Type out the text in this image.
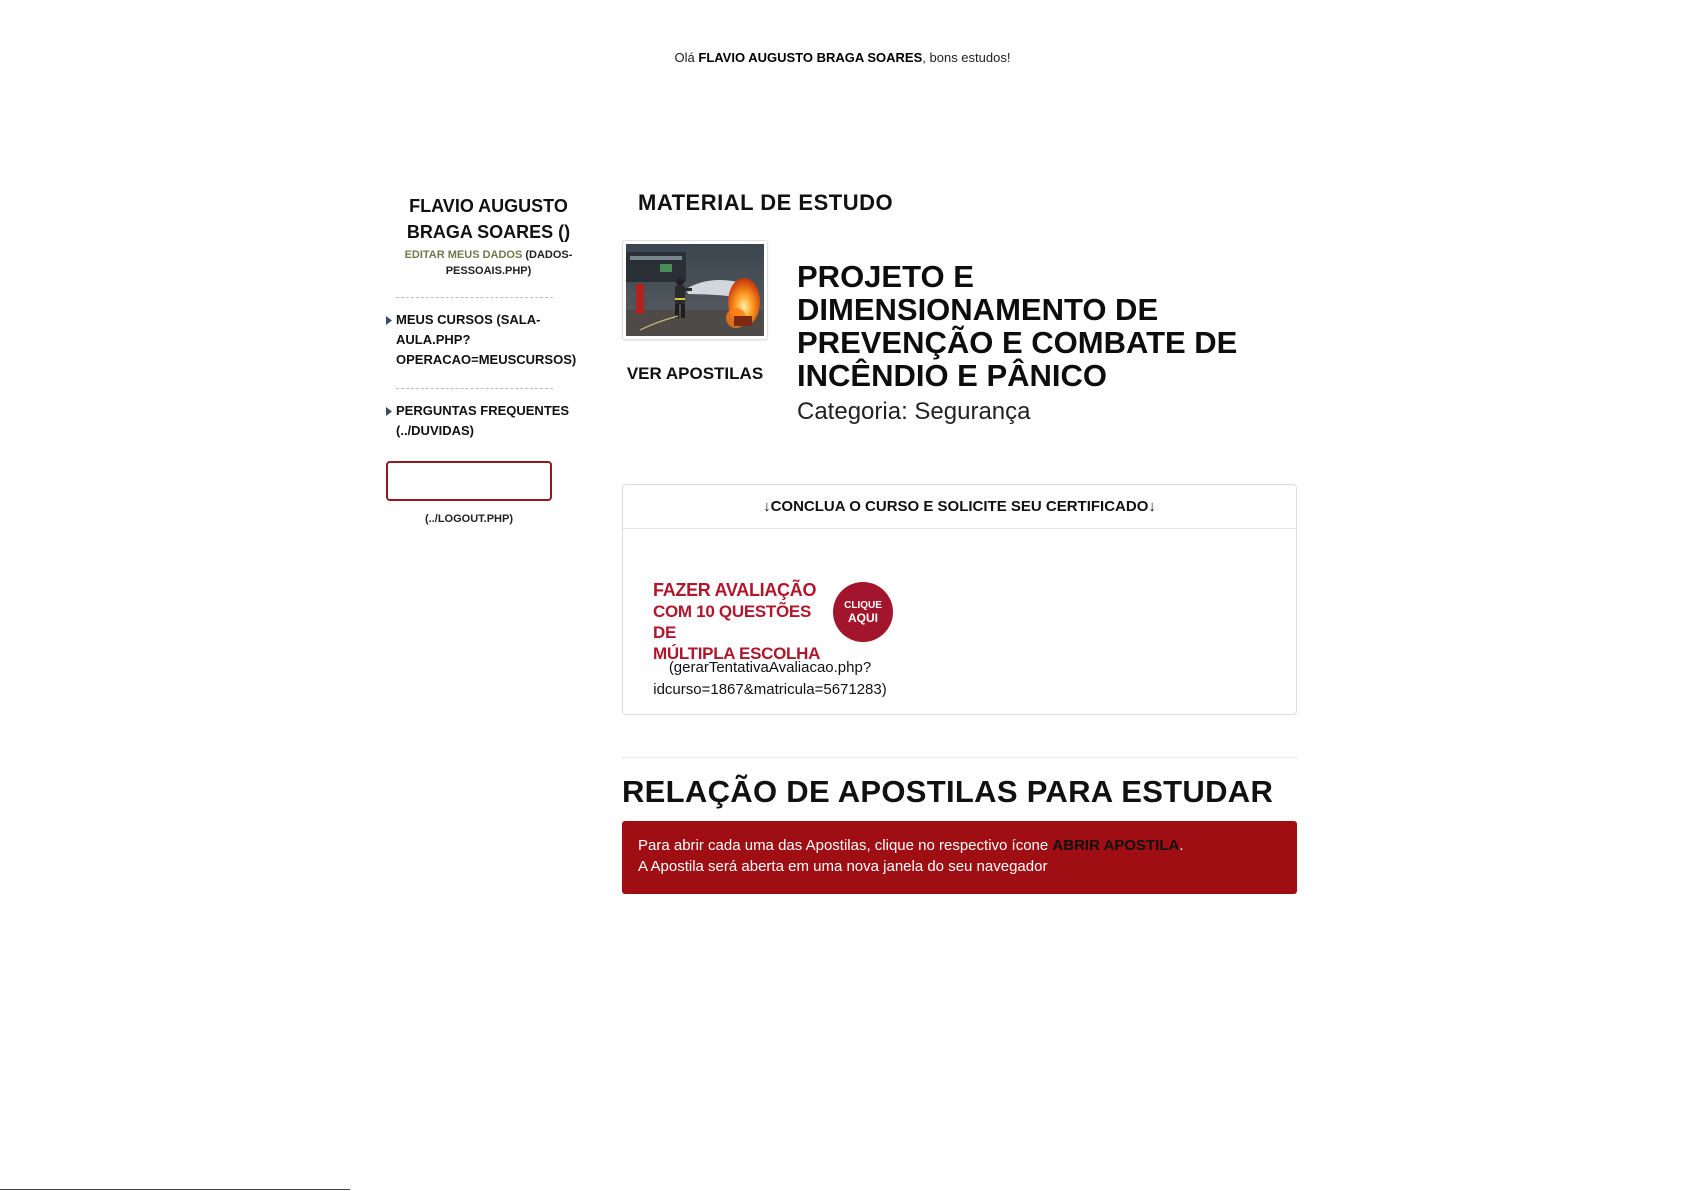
Olá FLAVIO AUGUSTO BRAGA SOARES, bons estudos!
FLAVIO AUGUSTO BRAGA SOARES ()
EDITAR MEUS DADOS (DADOS-PESSOAIS.PHP)
MEUS CURSOS (SALA-AULA.PHP?OPERACAO=MEUSCURSOS)
PERGUNTAS FREQUENTES (../DUVIDAS)
(../LOGOUT.PHP)
MATERIAL DE ESTUDO
VER APOSTILAS
PROJETO E DIMENSIONAMENTO DE PREVENÇÃO E COMBATE DE INCÊNDIO E PÂNICO
Categoria: Segurança
↓ CONCLUA O CURSO E SOLICITE SEU CERTIFICADO ↓
FAZER AVALIAÇÃO
COM 10 QUESTÕES DE
MÚLTIPLA ESCOLHA
CLIQUE
AQUI
(gerarTentativaAvaliacao.php?idcurso=1867&matricula=5671283)
RELAÇÃO DE APOSTILAS PARA ESTUDAR
Para abrir cada uma das Apostilas, clique no respectivo ícone ABRIR APOSTILA.
A Apostila será aberta em uma nova janela do seu navegador
